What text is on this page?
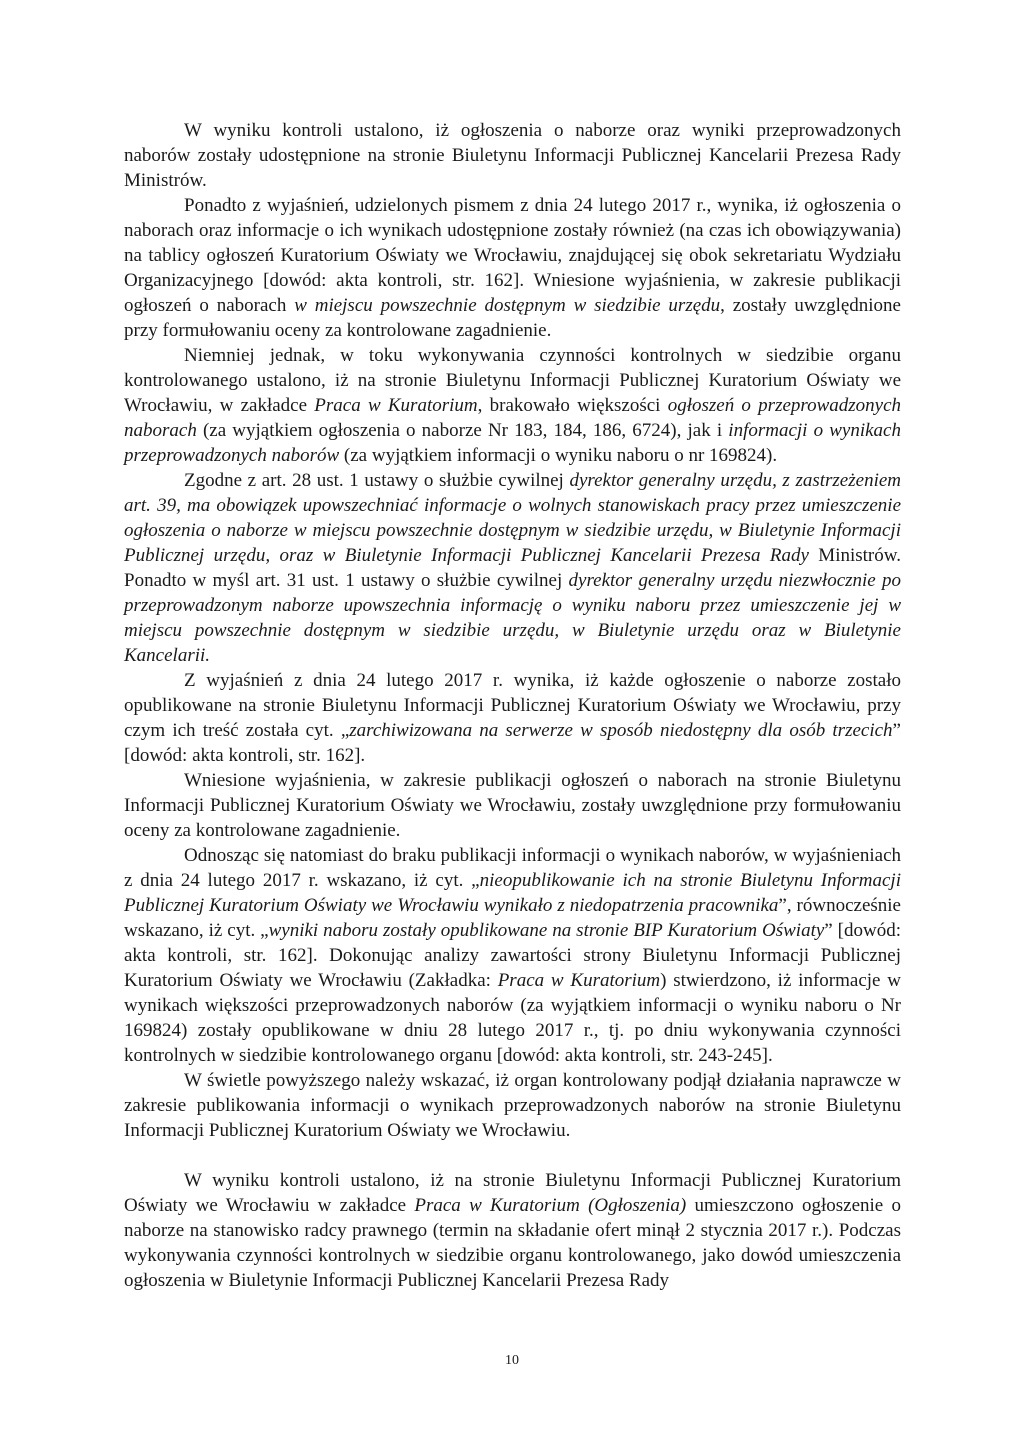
W wyniku kontroli ustalono, iż ogłoszenia o naborze oraz wyniki przeprowadzonych naborów zostały udostępnione na stronie Biuletynu Informacji Publicznej Kancelarii Prezesa Rady Ministrów.

Ponadto z wyjaśnień, udzielonych pismem z dnia 24 lutego 2017 r., wynika, iż ogłoszenia o naborach oraz informacje o ich wynikach udostępnione zostały również (na czas ich obowiązywania) na tablicy ogłoszeń Kuratorium Oświaty we Wrocławiu, znajdującej się obok sekretariatu Wydziału Organizacyjnego [dowód: akta kontroli, str. 162]. Wniesione wyjaśnienia, w zakresie publikacji ogłoszeń o naborach w miejscu powszechnie dostępnym w siedzibie urzędu, zostały uwzględnione przy formułowaniu oceny za kontrolowane zagadnienie.

Niemniej jednak, w toku wykonywania czynności kontrolnych w siedzibie organu kontrolowanego ustalono, iż na stronie Biuletynu Informacji Publicznej Kuratorium Oświaty we Wrocławiu, w zakładce Praca w Kuratorium, brakowało większości ogłoszeń o przeprowadzonych naborach (za wyjątkiem ogłoszenia o naborze Nr 183, 184, 186, 6724), jak i informacji o wynikach przeprowadzonych naborów (za wyjątkiem informacji o wyniku naboru o nr 169824).

Zgodne z art. 28 ust. 1 ustawy o służbie cywilnej dyrektor generalny urzędu, z zastrzeżeniem art. 39, ma obowiązek upowszechniać informacje o wolnych stanowiskach pracy przez umieszczenie ogłoszenia o naborze w miejscu powszechnie dostępnym w siedzibie urzędu, w Biuletynie Informacji Publicznej urzędu, oraz w Biuletynie Informacji Publicznej Kancelarii Prezesa Rady Ministrów. Ponadto w myśl art. 31 ust. 1 ustawy o służbie cywilnej dyrektor generalny urzędu niezwłocznie po przeprowadzonym naborze upowszechnia informację o wyniku naboru przez umieszczenie jej w miejscu powszechnie dostępnym w siedzibie urzędu, w Biuletynie urzędu oraz w Biuletynie Kancelarii.

Z wyjaśnień z dnia 24 lutego 2017 r. wynika, iż każde ogłoszenie o naborze zostało opublikowane na stronie Biuletynu Informacji Publicznej Kuratorium Oświaty we Wrocławiu, przy czym ich treść została cyt. „zarchiwizowana na serwerze w sposób niedostępny dla osób trzecich” [dowód: akta kontroli, str. 162].

Wniesione wyjaśnienia, w zakresie publikacji ogłoszeń o naborach na stronie Biuletynu Informacji Publicznej Kuratorium Oświaty we Wrocławiu, zostały uwzględnione przy formułowaniu oceny za kontrolowane zagadnienie.

Odnosząc się natomiast do braku publikacji informacji o wynikach naborów, w wyjaśnieniach z dnia 24 lutego 2017 r. wskazano, iż cyt. „nieopublikowanie ich na stronie Biuletynu Informacji Publicznej Kuratorium Oświaty we Wrocławiu wynikało z niedopatrzenia pracownika”, równocześnie wskazano, iż cyt. „wyniki naboru zostały opublikowane na stronie BIP Kuratorium Oświaty” [dowód: akta kontroli, str. 162]. Dokonując analizy zawartości strony Biuletynu Informacji Publicznej Kuratorium Oświaty we Wrocławiu (Zakładka: Praca w Kuratorium) stwierdzono, iż informacje w wynikach większości przeprowadzonych naborów (za wyjątkiem informacji o wyniku naboru o Nr 169824) zostały opublikowane w dniu 28 lutego 2017 r., tj. po dniu wykonywania czynności kontrolnych w siedzibie kontrolowanego organu [dowód: akta kontroli, str. 243-245].

W świetle powyższego należy wskazać, iż organ kontrolowany podjął działania naprawcze w zakresie publikowania informacji o wynikach przeprowadzonych naborów na stronie Biuletynu Informacji Publicznej Kuratorium Oświaty we Wrocławiu.

W wyniku kontroli ustalono, iż na stronie Biuletynu Informacji Publicznej Kuratorium Oświaty we Wrocławiu w zakładce Praca w Kuratorium (Ogłoszenia) umieszczono ogłoszenie o naborze na stanowisko radcy prawnego (termin na składanie ofert minął 2 stycznia 2017 r.). Podczas wykonywania czynności kontrolnych w siedzibie organu kontrolowanego, jako dowód umieszczenia ogłoszenia w Biuletynie Informacji Publicznej Kancelarii Prezesa Rady

10
